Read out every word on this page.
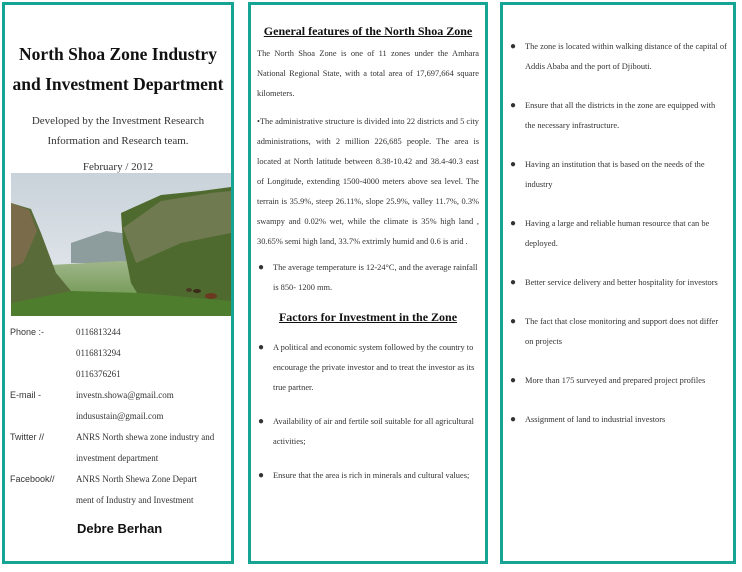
North Shoa Zone Industry and Investment Department
Developed by the Investment Research Information and Research team.
February / 2012
Phone :-	0116813244
0116813294
0116376261
E-mail -	investn.showa@gmail.com
indusustain@gmail.com
Twitter //	ANRS North shewa zone industry and
investment department
Facebook// ANRS North Shewa Zone Depart
ment of Industry and Investment
Debre Berhan
General features of the North Shoa Zone
The North Shoa Zone is one of 11 zones under the Amhara National Regional State, with a total area of 17,697,664 square kilometers.
•The administrative structure is divided into 22 districts and 5 city administrations, with 2 million 226,685 people. The area is located at North latitude between 8.38-10.42 and 38.4-40.3 east of Longitude, extending 1500-4000 meters above sea level. The terrain is 35.9%, steep 26.11%, slope 25.9%, valley 11.7%, 0.3% swampy and 0.02% wet, while the climate is 35% high land , 30.65% semi high land, 33.7% extrimly humid and 0.6 is arid .
● The average temperature is 12-24°C, and the average rainfall is 850- 1200 mm.
Factors for Investment in the Zone
● A political and economic system followed by the country to encourage the private investor and to treat the investor as its true partner.
● Availability of air and fertile soil suitable for all agricultural activities;
● Ensure that the area is rich in minerals and cultural values;
● The zone is located within walking distance of the capital of Addis Ababa and the port of Djibouti.
● Ensure that all the districts in the zone are equipped with the necessary infrastructure.
● Having an institution that is based on the needs of the industry
● Having a large and reliable human resource that can be deployed.
● Better service delivery and better hospitality for investors
● The fact that close monitoring and support does not differ on projects
● More than 175 surveyed and prepared project profiles
● Assignment of land to industrial investors
